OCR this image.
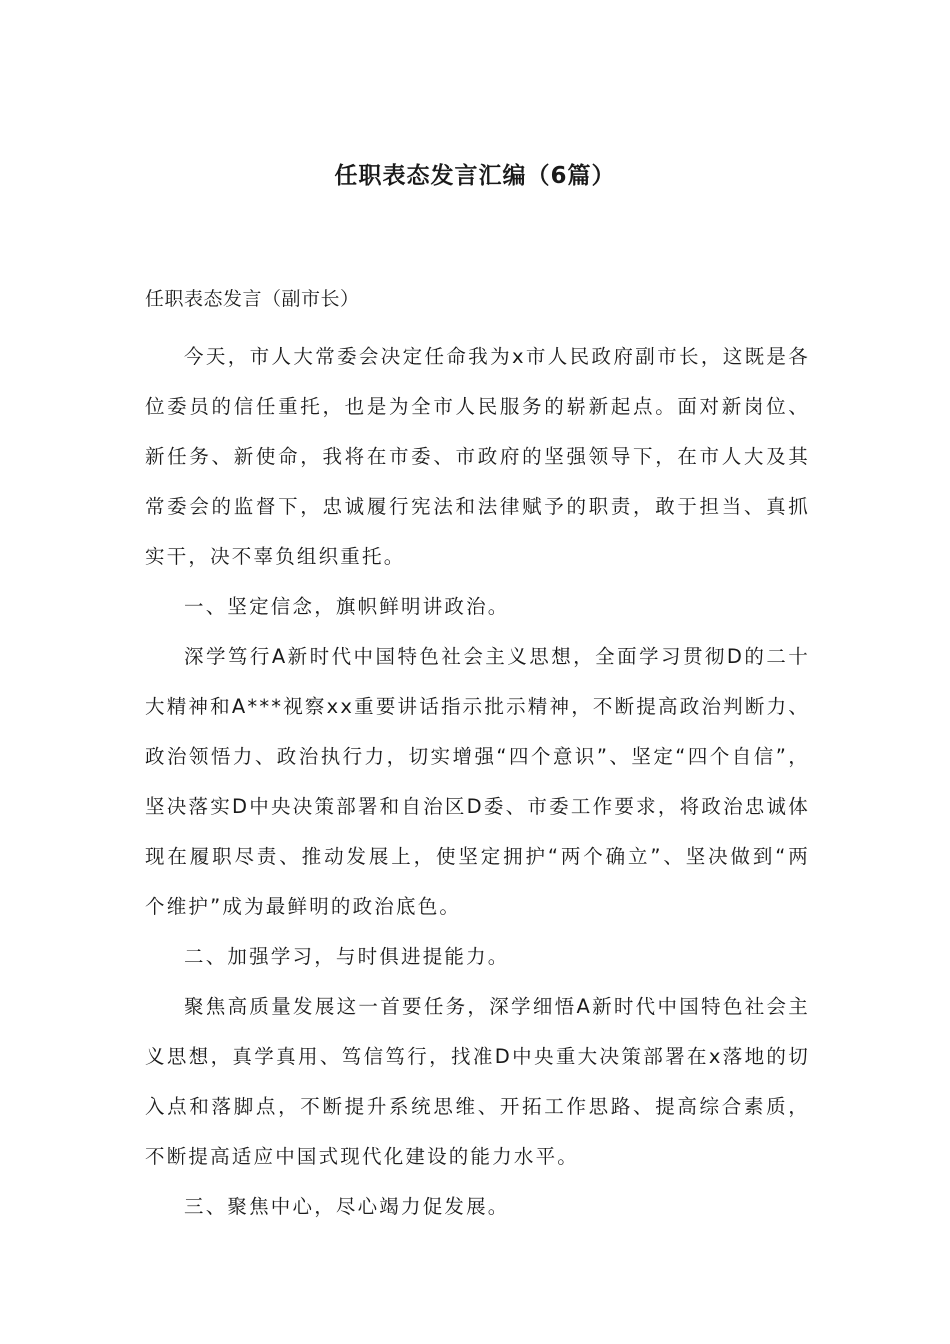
任职表态发言汇编（6篇）

任职表态发言（副市长）

今天，市人大常委会决定任命我为x市人民政府副市长，这既是各位委员的信任重托，也是为全市人民服务的崭新起点。面对新岗位、新任务、新使命，我将在市委、市政府的坚强领导下，在市人大及其常委会的监督下，忠诚履行宪法和法律赋予的职责，敢于担当、真抓实干，决不辜负组织重托。

一、坚定信念，旗帜鲜明讲政治。

深学笃行A新时代中国特色社会主义思想，全面学习贯彻D的二十大精神和A***视察xx重要讲话指示批示精神，不断提高政治判断力、政治领悟力、政治执行力，切实增强“四个意识”、坚定“四个自信”，坚决落实D中央决策部署和自治区D委、市委工作要求，将政治忠诚体现在履职尽责、推动发展上，使坚定拥护“两个确立”、坚决做到“两个维护”成为最鲜明的政治底色。

二、加强学习，与时俱进提能力。

聚焦高质量发展这一首要任务，深学细悟A新时代中国特色社会主义思想，真学真用、笃信笃行，找准D中央重大决策部署在x落地的切入点和落脚点，不断提升系统思维、开拓工作思路、提高综合素质，不断提高适应中国式现代化建设的能力水平。

三、聚焦中心，尽心竭力促发展。
